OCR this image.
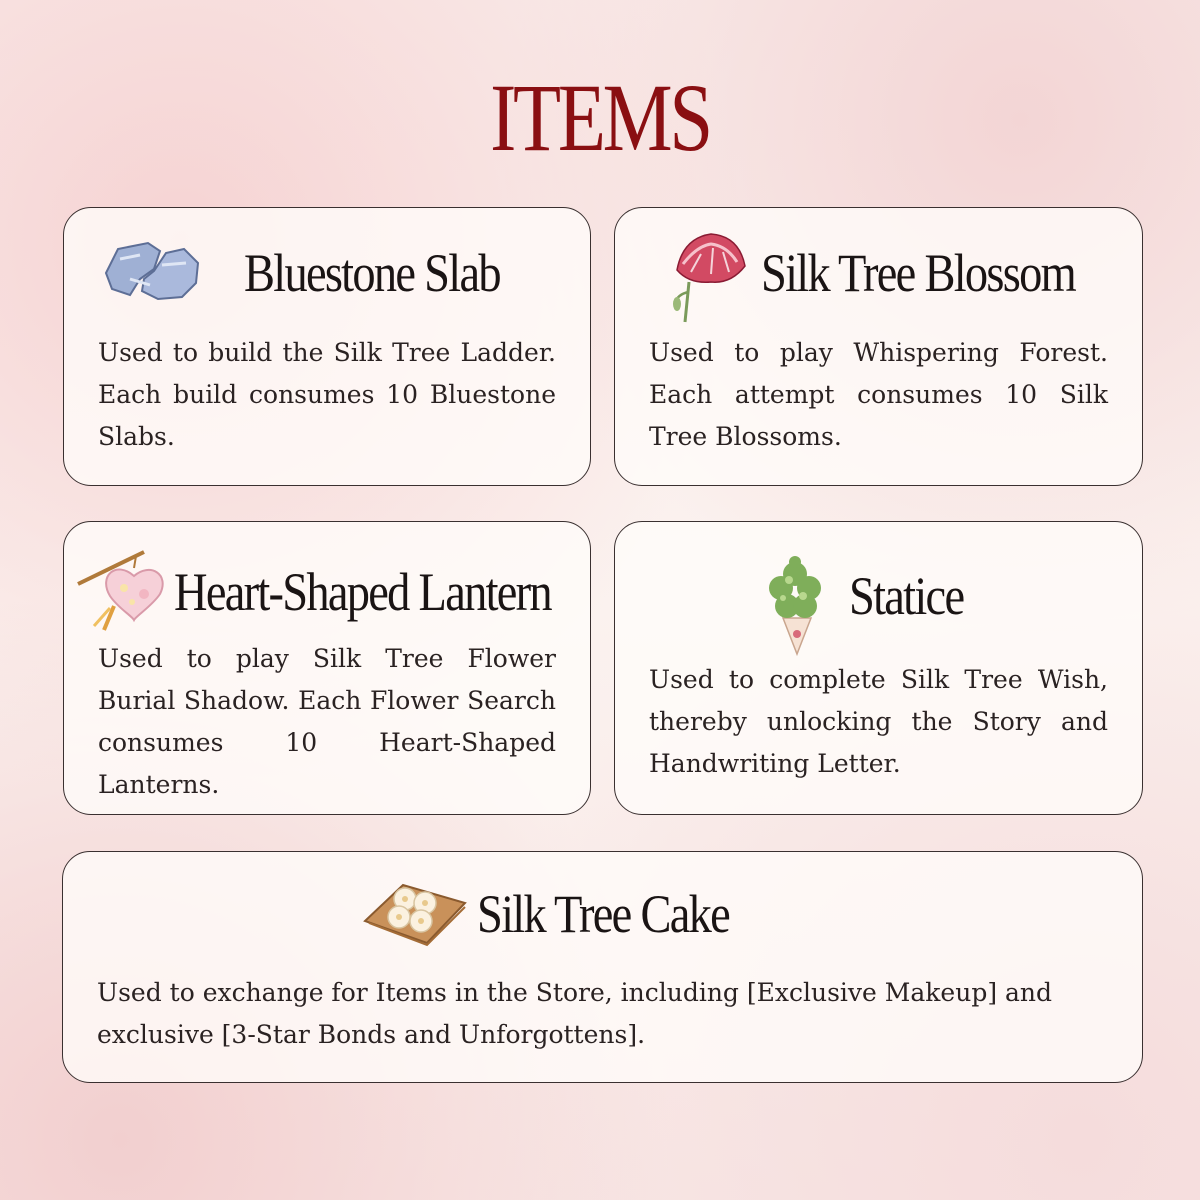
ITEMS
Bluestone Slab

Used to build the Silk Tree Ladder. Each build consumes 10 Bluestone Slabs.

Silk Tree Blossom

Used to play Whispering Forest. Each attempt consumes 10 Silk Tree Blossoms.

Heart-Shaped Lantern

Used to play Silk Tree Flower Burial Shadow. Each Flower Search consumes 10 Heart-Shaped Lanterns.

Statice

Used to complete Silk Tree Wish, thereby unlocking the Story and Handwriting Letter.

Silk Tree Cake

Used to exchange for Items in the Store, including [Exclusive Makeup] and exclusive [3-Star Bonds and Unforgottens].
